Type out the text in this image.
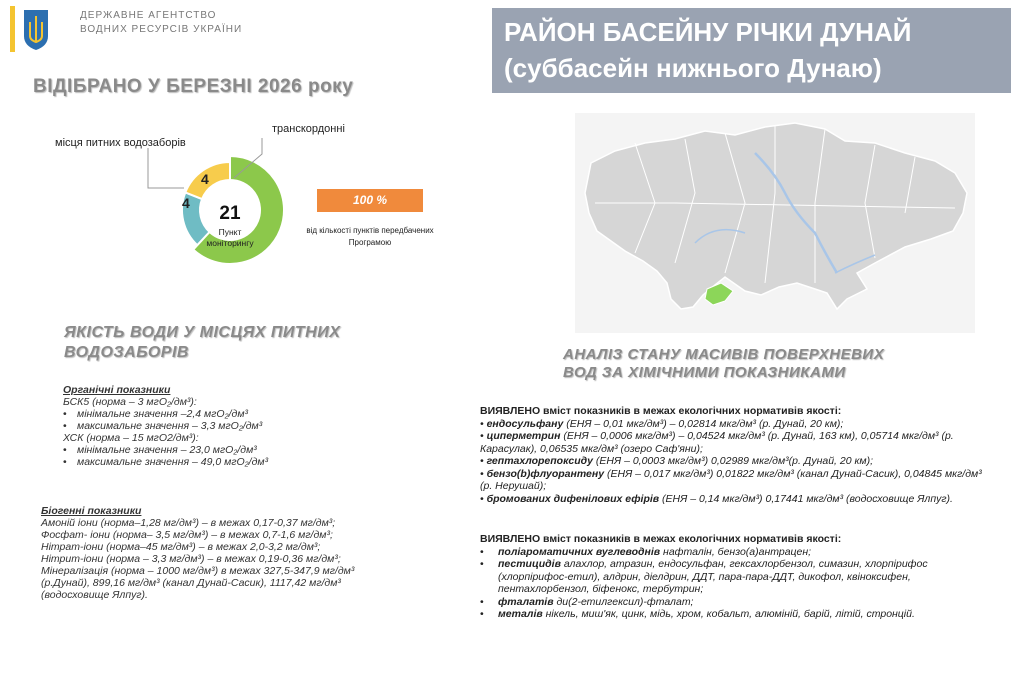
ДЕРЖАВНЕ АГЕНТСТВО
ВОДНИХ РЕСУРСІВ УКРАЇНИ	РАЙОН БАСЕЙНУ РІЧКИ ДУНАЙ
(суббасейн нижнього Дунаю)
ВІДІБРАНО У БЕРЕЗНІ 2026 року
21
Пункт моніторингу
4
4
місця питних водозаборів
транскордонні
100 %
від кількості пунктів передбачених Програмою
ЯКІСТЬ ВОДИ У МІСЦЯХ ПИТНИХ
ВОДОЗАБОРІВ
Органічні показники
БСК5 (норма – 3 мгО₂/дм³):
• мінімальне значення –2,4 мгО₂/дм³
• максимальне значення – 3,3 мгО₂/дм³
ХСК (норма – 15 мгО2/дм³):
• мінімальне значення – 23,0 мгО₂/дм³
• максимальне значення – 49,0 мгО₂/дм³
Біогенні показники
Амоній іони (норма–1,28 мг/дм³) – в межах 0,17-0,37 мг/дм³;
Фосфат- іони (норма– 3,5 мг/дм³) – в межах 0,7-1,6 мг/дм³;
Нітрат-іони (норма–45 мг/дм³) – в межах 2,0-3,2 мг/дм³;
Нітрит-іони (норма – 3,3 мг/дм³) – в межах 0,19-0,36 мг/дм³;
Мінералізація (норма – 1000 мг/дм³) в межах 327,5-347,9 мг/дм³
(р.Дунай), 899,16 мг/дм³ (канал Дунай-Сасик), 1117,42 мг/дм³
(водосховище Ялпуг).
АНАЛІЗ СТАНУ МАСИВІВ ПОВЕРХНЕВИХ
ВОД ЗА ХІМІЧНИМИ ПОКАЗНИКАМИ
ВИЯВЛЕНО вміст показників в межах екологічних нормативів якості:
• ендосульфану (ЕНЯ – 0,01 мкг/дм³) – 0,02814 мкг/дм³ (р. Дунай, 20 км);
• циперметрин (ЕНЯ – 0,0006 мкг/дм³) – 0,04524 мкг/дм³ (р. Дунай, 163 км), 0,05714 мкг/дм³ (р. Карасулак), 0,06535 мкг/дм³ (озеро Саф'яни);
• гептахлорепоксиду (ЕНЯ – 0,0003 мкг/дм³) 0,02989 мкг/дм³(р. Дунай, 20 км);
• бензо(b)флуорантену (ЕНЯ – 0,017 мкг/дм³) 0,01822 мкг/дм³ (канал Дунай-Сасик), 0,04845 мкг/дм³ (р. Нерушай);
• бромованих дифенілових ефірів (ЕНЯ – 0,14 мкг/дм³) 0,17441 мкг/дм³ (водосховище Ялпуг).
ВИЯВЛЕНО вміст показників в межах екологічних нормативів якості:
• поліароматичних вуглеводнів нафталін, бензо(а)антрацен;
• пестицидів алахлор, атразин, ендосульфан, гексахлорбензол, симазин, хлорпірифос (хлорпірифос-етил), алдрин, діелдрин, ДДТ, пара-пара-ДДТ, дикофол, квіноксифен, пентахлорбензол, біфенокс, тербутрин;
• фталатів ди(2-етилгексил)-фталат;
• металів нікель, миш'як, цинк, мідь, хром, кобальт, алюміній, барій, літій, стронцій.
